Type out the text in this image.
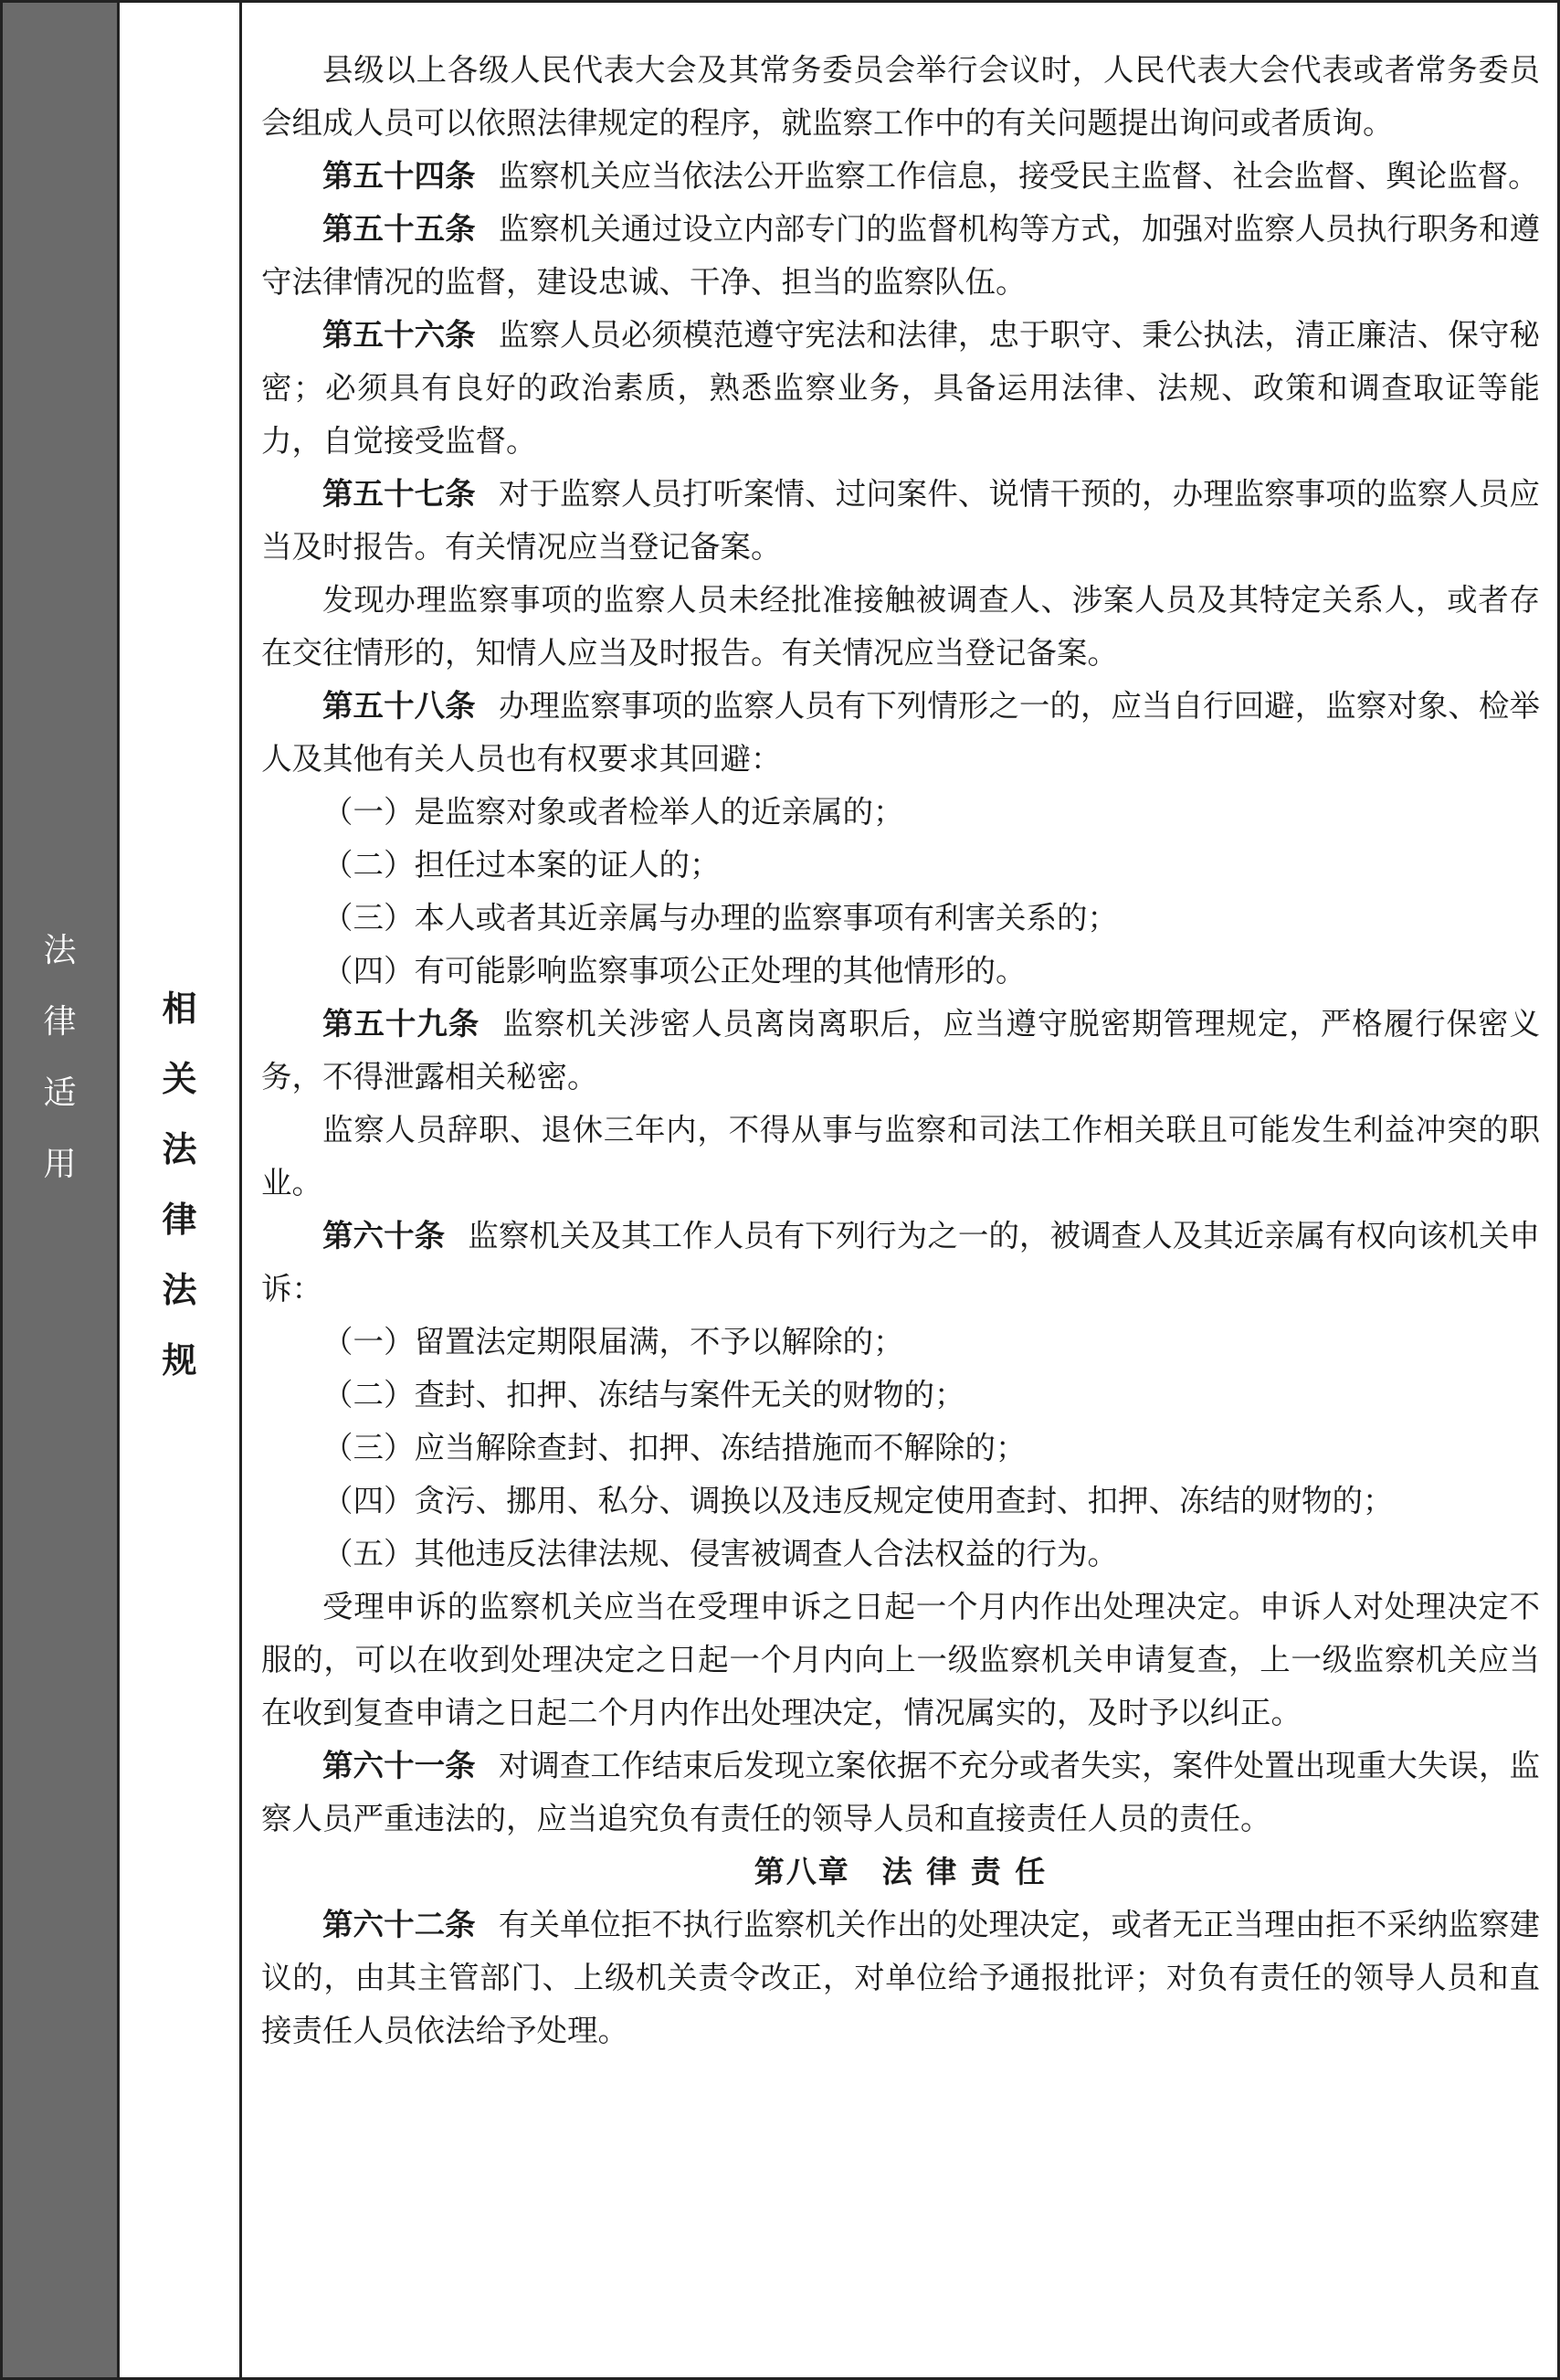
法
律
适
用
相
关
法
律
法
规

县级以上各级人民代表大会及其常务委员会举行会议时，人民代表大会代表或者常务委员会组成人员可以依照法律规定的程序，就监察工作中的有关问题提出询问或者质询。

第五十四条 监察机关应当依法公开监察工作信息，接受民主监督、社会监督、舆论监督。

第五十五条 监察机关通过设立内部专门的监督机构等方式，加强对监察人员执行职务和遵守法律情况的监督，建设忠诚、干净、担当的监察队伍。

第五十六条 监察人员必须模范遵守宪法和法律，忠于职守、秉公执法，清正廉洁、保守秘密；必须具有良好的政治素质，熟悉监察业务，具备运用法律、法规、政策和调查取证等能力，自觉接受监督。

第五十七条 对于监察人员打听案情、过问案件、说情干预的，办理监察事项的监察人员应当及时报告。有关情况应当登记备案。

发现办理监察事项的监察人员未经批准接触被调查人、涉案人员及其特定关系人，或者存在交往情形的，知情人应当及时报告。有关情况应当登记备案。

第五十八条 办理监察事项的监察人员有下列情形之一的，应当自行回避，监察对象、检举人及其他有关人员也有权要求其回避：

（一）是监察对象或者检举人的近亲属的；

（二）担任过本案的证人的；

（三）本人或者其近亲属与办理的监察事项有利害关系的；

（四）有可能影响监察事项公正处理的其他情形的。

第五十九条 监察机关涉密人员离岗离职后，应当遵守脱密期管理规定，严格履行保密义务，不得泄露相关秘密。

监察人员辞职、退休三年内，不得从事与监察和司法工作相关联且可能发生利益冲突的职业。

第六十条 监察机关及其工作人员有下列行为之一的，被调查人及其近亲属有权向该机关申诉：

（一）留置法定期限届满，不予以解除的；

（二）查封、扣押、冻结与案件无关的财物的；

（三）应当解除查封、扣押、冻结措施而不解除的；

（四）贪污、挪用、私分、调换以及违反规定使用查封、扣押、冻结的财物的；

（五）其他违反法律法规、侵害被调查人合法权益的行为。

受理申诉的监察机关应当在受理申诉之日起一个月内作出处理决定。申诉人对处理决定不服的，可以在收到处理决定之日起一个月内向上一级监察机关申请复查，上一级监察机关应当在收到复查申请之日起二个月内作出处理决定，情况属实的，及时予以纠正。

第六十一条 对调查工作结束后发现立案依据不充分或者失实，案件处置出现重大失误，监察人员严重违法的，应当追究负有责任的领导人员和直接责任人员的责任。

第八章　法 律 责 任

第六十二条 有关单位拒不执行监察机关作出的处理决定，或者无正当理由拒不采纳监察建议的，由其主管部门、上级机关责令改正，对单位给予通报批评；对负有责任的领导人员和直接责任人员依法给予处理。
